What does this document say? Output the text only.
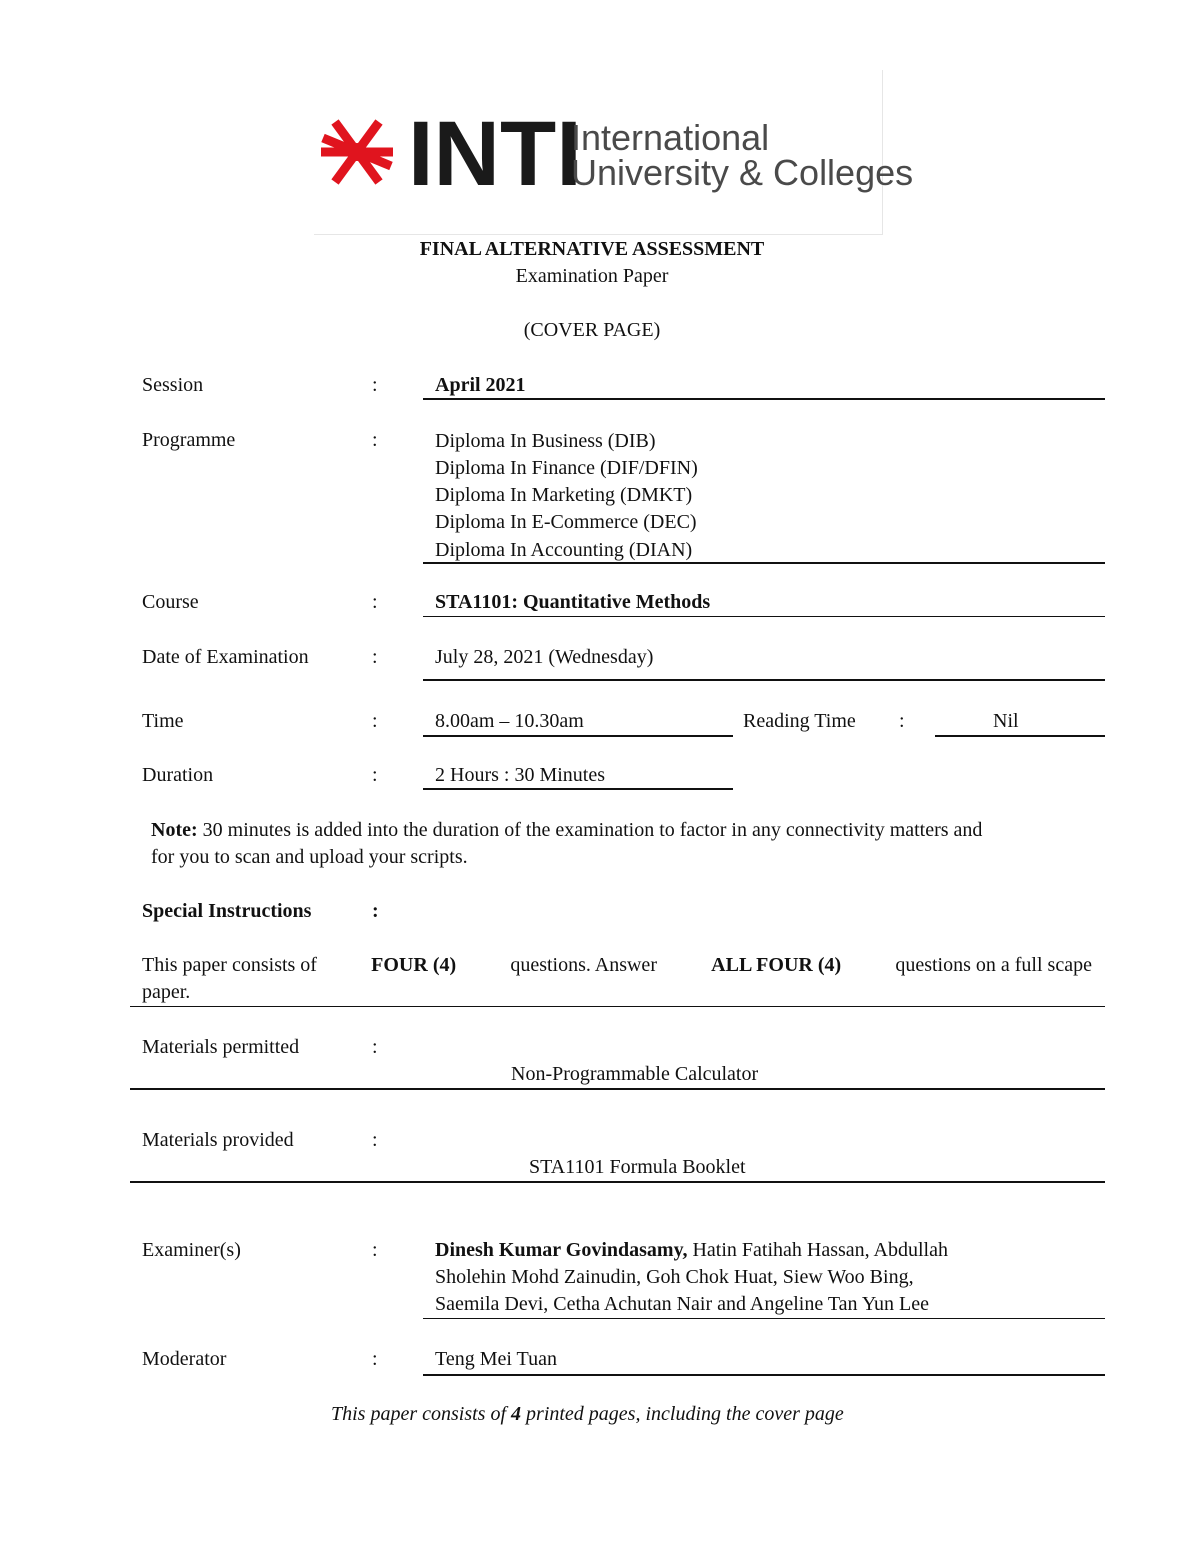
INTI
International
University & Colleges
FINAL ALTERNATIVE ASSESSMENT
Examination Paper
(COVER PAGE)
Session	:	April 2021
Programme	:	Diploma In Business (DIB)
Diploma In Finance (DIF/DFIN)
Diploma In Marketing (DMKT)
Diploma In E-Commerce (DEC)
Diploma In Accounting (DIAN)
Course	:	STA1101: Quantitative Methods
Date of Examination	:	July 28, 2021 (Wednesday)
Time	:	8.00am – 10.30am	Reading Time :	Nil
Duration	:	2 Hours : 30 Minutes
Note: 30 minutes is added into the duration of the examination to factor in any connectivity matters and
for you to scan and upload your scripts.
Special Instructions	:
This paper consists of	FOUR (4)	questions. Answer	ALL FOUR (4)	questions on a full scape
paper.
Materials permitted	:
Non-Programmable Calculator
Materials provided	:
STA1101 Formula Booklet
Examiner(s)	:	Dinesh Kumar Govindasamy, Hatin Fatihah Hassan, Abdullah
Sholehin Mohd Zainudin, Goh Chok Huat, Siew Woo Bing,
Saemila Devi, Cetha Achutan Nair and Angeline Tan Yun Lee
Moderator	:	Teng Mei Tuan
This paper consists of 4 printed pages, including the cover page
